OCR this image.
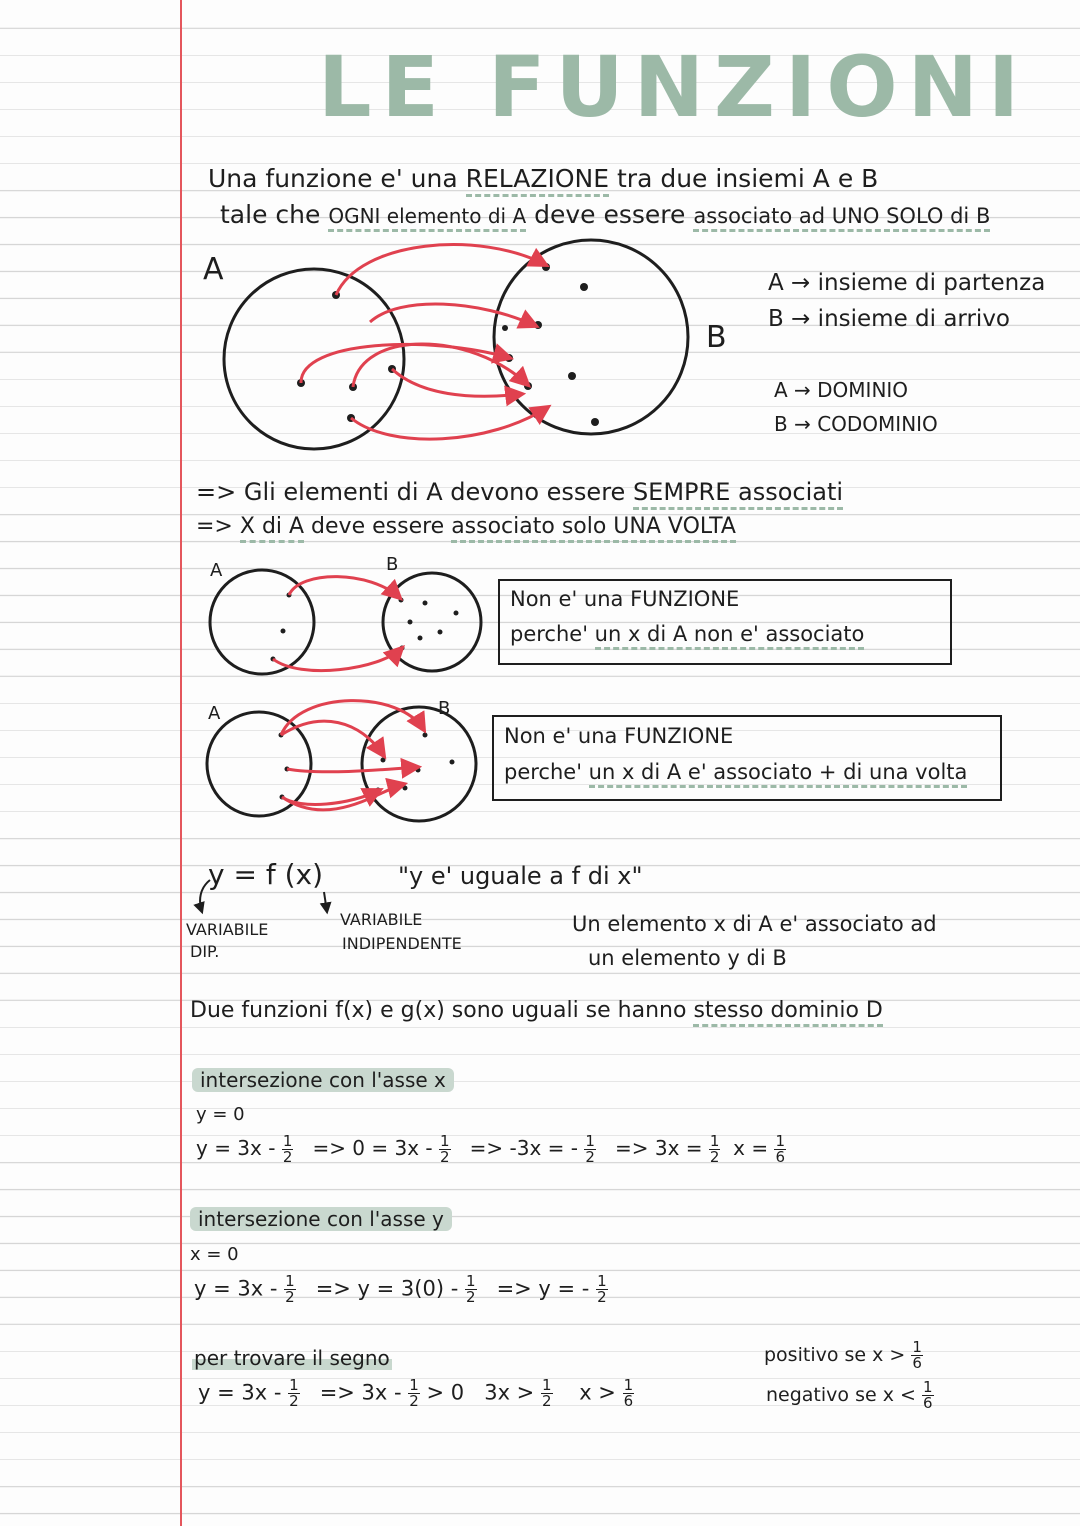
LE FUNZIONI
Una funzione e' una RELAZIONE tra due insiemi A e B
tale che OGNI elemento di A deve essere associato ad UNO SOLO di B
A
B
A → insieme di partenza
B → insieme di arrivo
A → DOMINIO
B → CODOMINIO
=> Gli elementi di A devono essere SEMPRE associati
=> X di A deve essere associato solo UNA VOLTA
A	B
Non e' una FUNZIONE
perche' un x di A non e' associato
A	B
Non e' una FUNZIONE
perche' un x di A e' associato + di una volta
y = f (x)	"y e' uguale a f di x"
VARIABILE
DIP.
VARIABILE
INDIPENDENTE
Un elemento x di A e' associato ad
un elemento y di B
Due funzioni f(x) e g(x) sono uguali se hanno stesso dominio D
intersezione con l'asse x
y = 0
$y = 3x - \frac{1}{2} => 0 = 3x - \frac{1}{2} => -3x$ = - $\frac{1}{2} => 3x = \frac{1}{2}$ $x = \frac{1}{6}$
intersezione con l'asse y
x = 0
$y = 3x - \frac{1}{2} => y = 3(0) - \frac{1}{2} => y$ = - $\frac{1}{2}$
per trovare il segno
$y = 3x - \frac{1}{2} => 3x - \frac{1}{2} > 0$ $3x > \frac{1}{2}$ $x > \frac{1}{6}$
positivo se $x > \frac{1}{6}$
negativo se $x < \frac{1}{6}$
